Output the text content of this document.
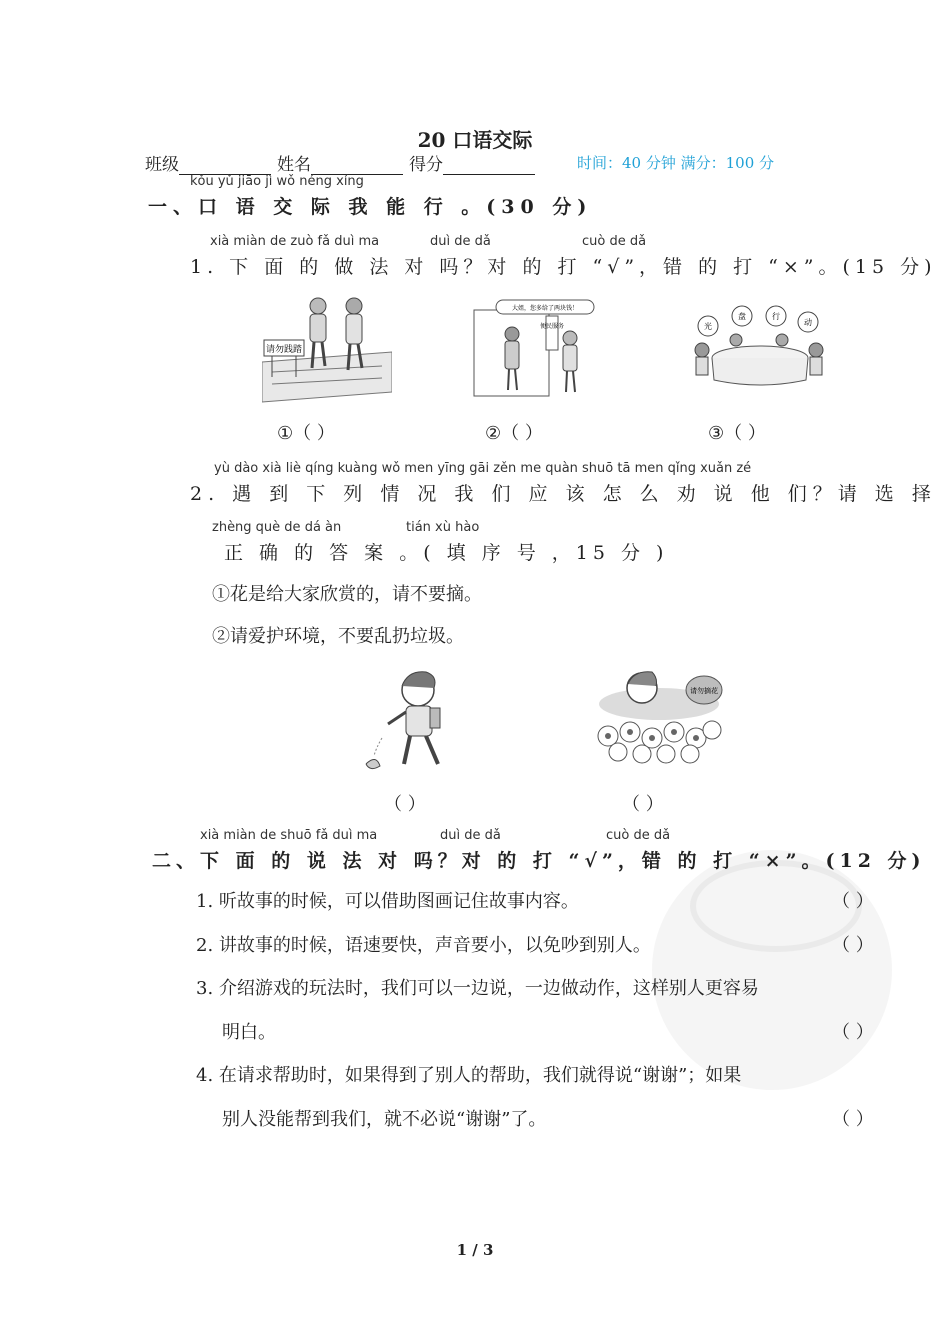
20 口语交际
班级	姓名	得分	时间：40 分钟 满分：100 分
kǒu yǔ jiāo jì wǒ néng xíng
一、口 语 交 际 我 能 行 。(30 分)
xià miàn de zuò fǎ duì ma	duì de dǎ	cuò de dǎ
1. 下 面 的 做 法 对 吗？对 的 打 “√”，错 的 打 “×”。(15 分)
请勿践踏
便民服务
大姐，您多给了两块钱！
光
盘	行
动
①（ ）	②（ ）	③（ ）
yù dào xià liè qíng kuàng wǒ men yīng gāi zěn me quàn shuō tā men qǐng xuǎn zé
2. 遇 到 下 列 情 况 我 们 应 该 怎 么 劝 说 他 们？请 选 择
zhèng què de dá àn	tián xù hào
正 确 的 答 案 。( 填 序 号 ，15 分 )
①花是给大家欣赏的，请不要摘。
②请爱护环境，不要乱扔垃圾。
请勿摘花
（ ）	（ ）
xià miàn de shuō fǎ duì ma	duì de dǎ	cuò de dǎ
二、下 面 的 说 法 对 吗？对 的 打 “√”，错 的 打 “×”。(12 分)
1. 听故事的时候，可以借助图画记住故事内容。	（ ）
2. 讲故事的时候，语速要快，声音要小，以免吵到别人。	（ ）
3. 介绍游戏的玩法时，我们可以一边说，一边做动作，这样别人更容易
明白。	（ ）
4. 在请求帮助时，如果得到了别人的帮助，我们就得说“谢谢”；如果
别人没能帮到我们，就不必说“谢谢”了。	（ ）
1 / 3
